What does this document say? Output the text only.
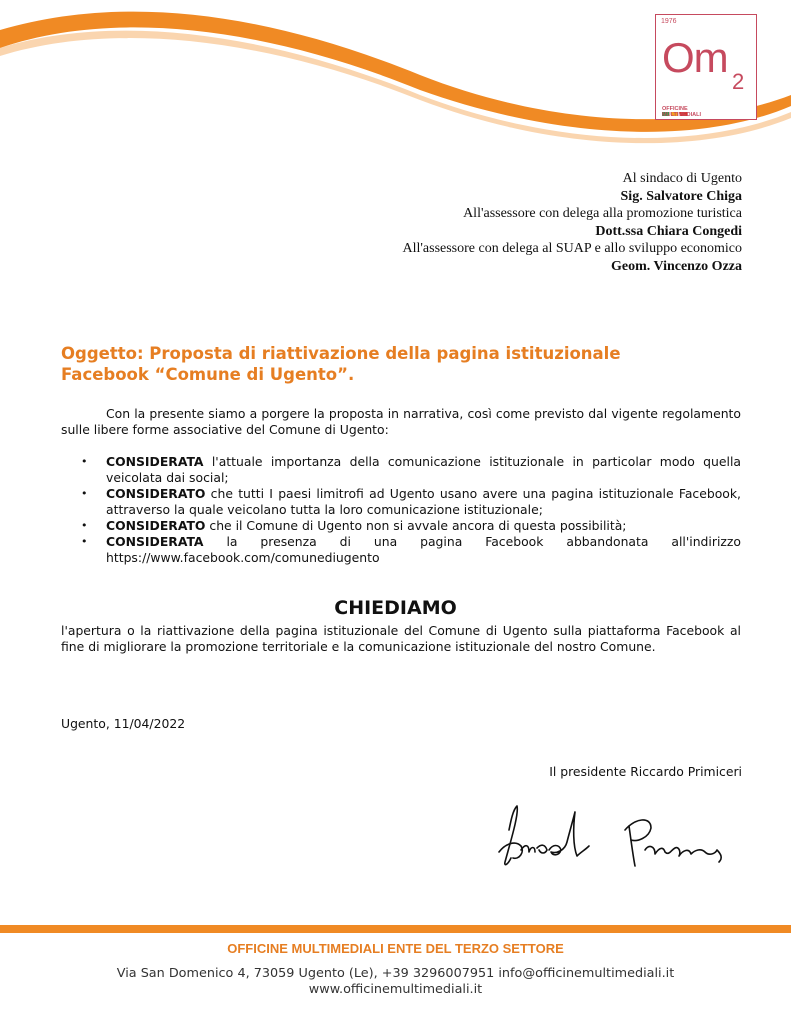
1976
Om
2
OFFICINE
MULTIMEDIALI
Al sindaco di Ugento
Sig. Salvatore Chiga
All'assessore con delega alla promozione turistica
Dott.ssa Chiara Congedi
All'assessore con delega al SUAP e allo sviluppo economico
Geom. Vincenzo Ozza
Oggetto: Proposta di riattivazione della pagina istituzionale
Facebook “Comune di Ugento”.
Con la presente siamo a porgere la proposta in narrativa, così come previsto dal vigente regolamento sulle libere forme associative del Comune di Ugento:
• CONSIDERATA l'attuale importanza della comunicazione istituzionale in particolar modo quella veicolata dai social;
• CONSIDERATO che tutti I paesi limitrofi ad Ugento usano avere una pagina istituzionale Facebook, attraverso la quale veicolano tutta la loro comunicazione istituzionale;
• CONSIDERATO che il Comune di Ugento non si avvale ancora di questa possibilità;
• CONSIDERATA la presenza di una pagina Facebook abbandonata all'indirizzo https://www.facebook.com/comunediugento
CHIEDIAMO
l'apertura o la riattivazione della pagina istituzionale del Comune di Ugento sulla piattaforma Facebook al fine di migliorare la promozione territoriale e la comunicazione istituzionale del nostro Comune.
Ugento, 11/04/2022
Il presidente Riccardo Primiceri
OFFICINE MULTIMEDIALI ENTE DEL TERZO SETTORE
Via San Domenico 4, 73059 Ugento (Le), +39 3296007951 info@officinemultimediali.it
www.officinemultimediali.it
